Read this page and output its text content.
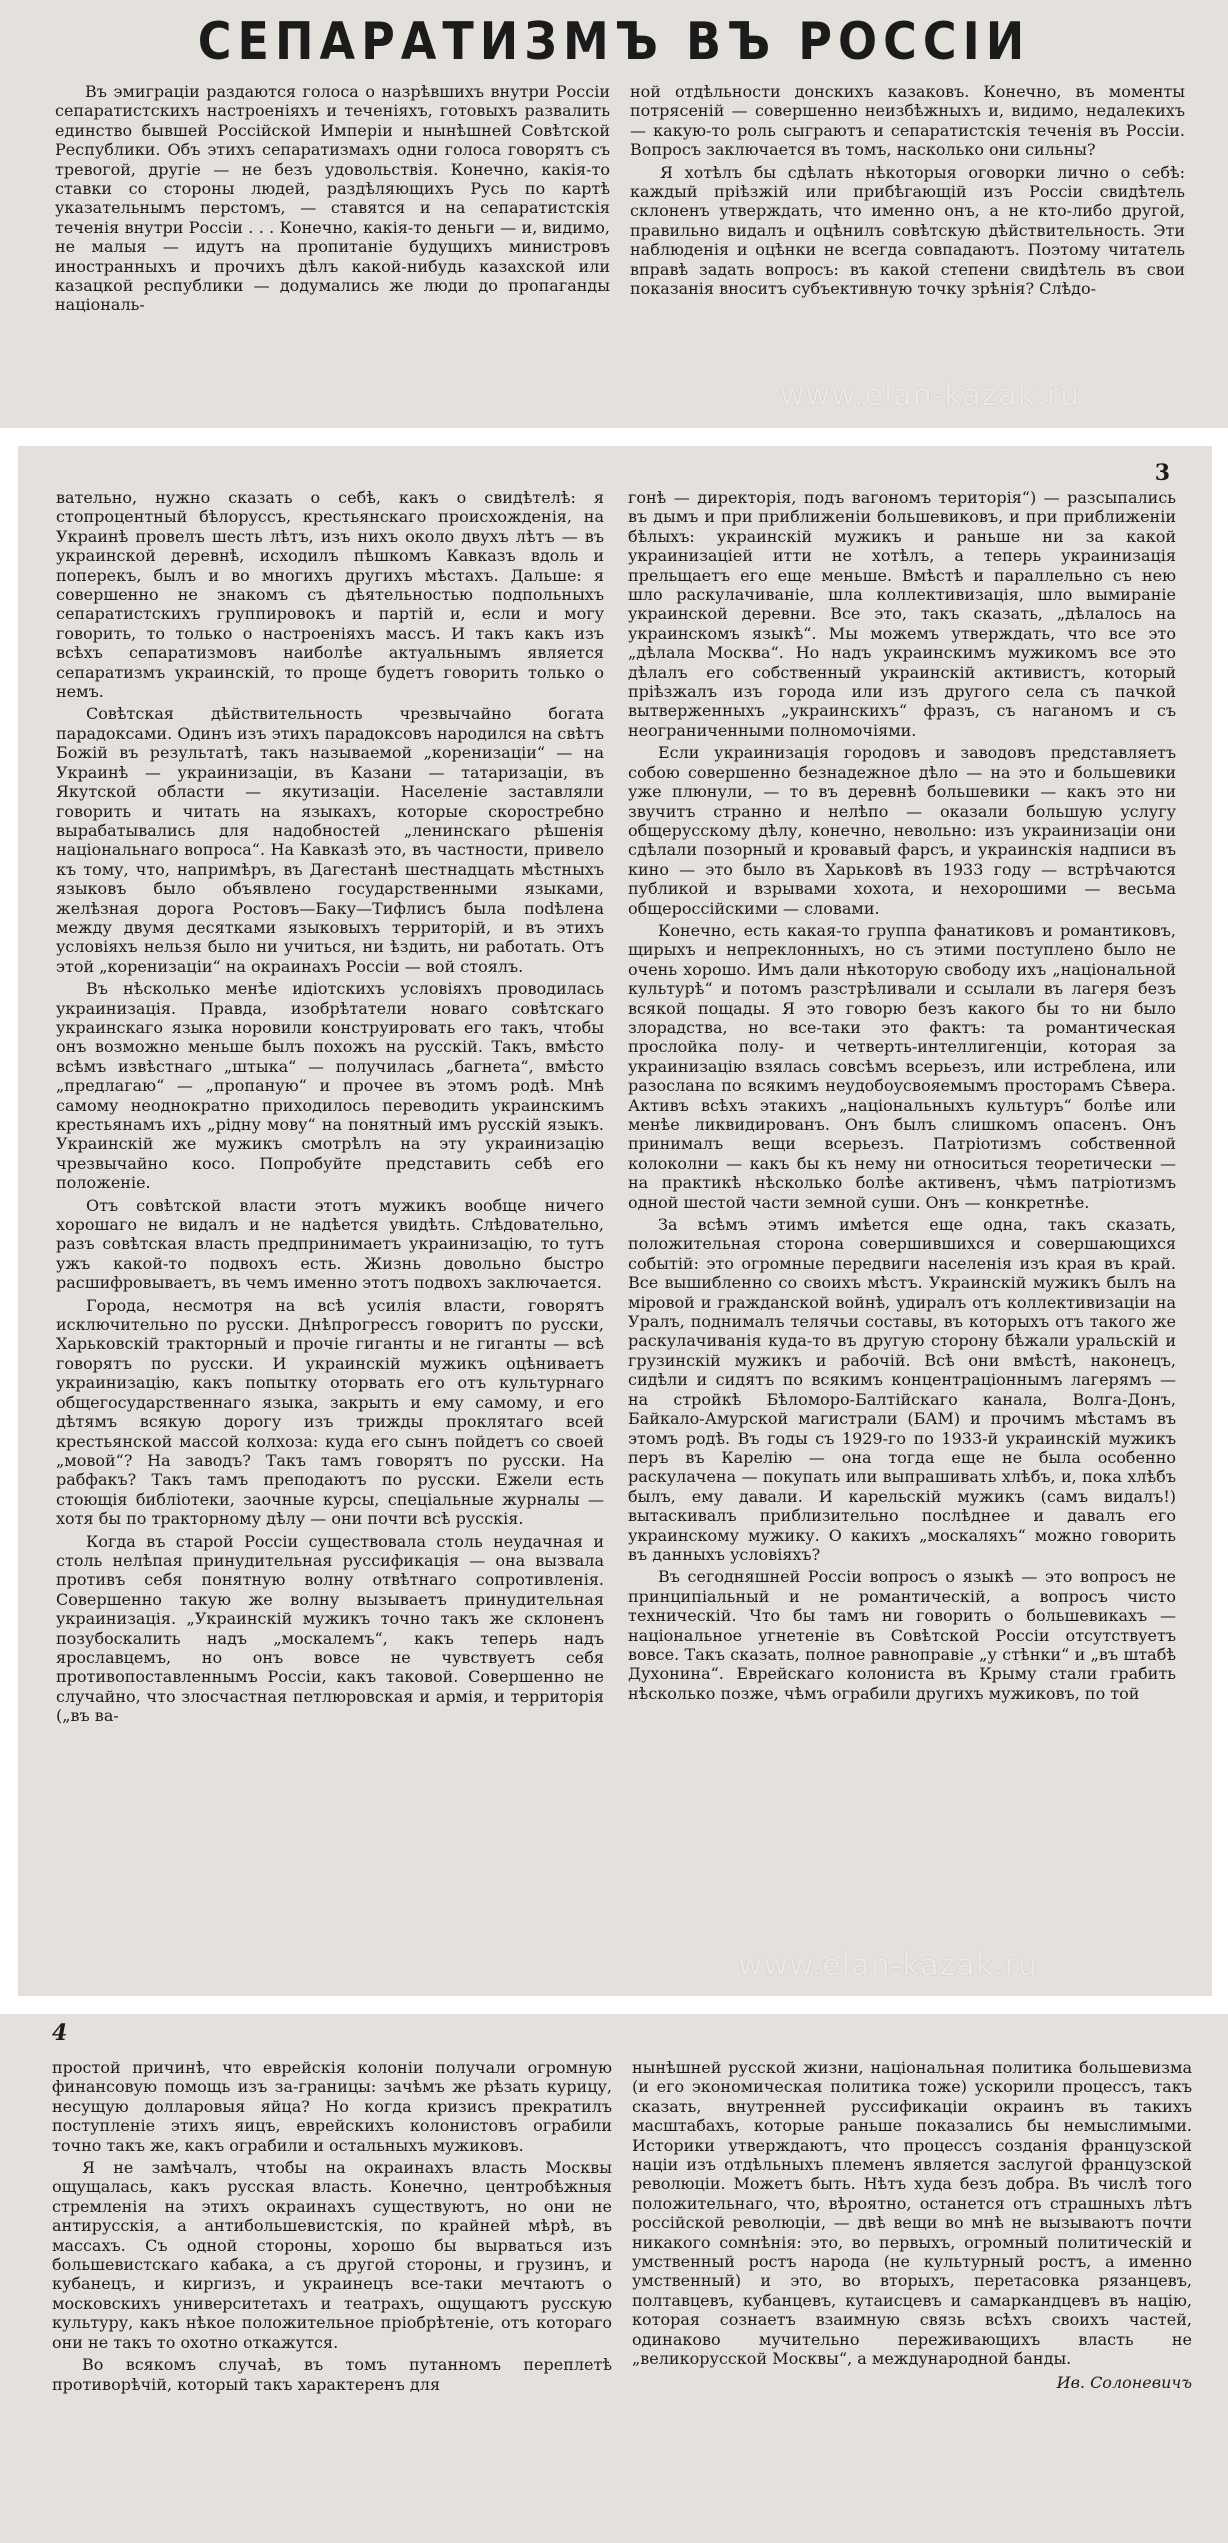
СЕПАРАТИЗМЪ ВЪ РОССІИ

Въ эмиграціи раздаются голоса о назрѣвшихъ внутри Россіи сепаратистскихъ настроеніяхъ и теченіяхъ, готовыхъ развалить единство бывшей Россійской Имперіи и нынѣшней Совѣтской Республики. Объ этихъ сепаратизмахъ одни голоса говорятъ съ тревогой, другіе — не безъ удовольствія. Конечно, какія-то ставки со стороны людей, раздѣляющихъ Русь по картѣ указательнымъ перстомъ, — ставятся и на сепаратистскія теченія внутри Россіи . . . Конечно, какія-то деньги — и, видимо, не малыя — идутъ на пропитаніе будущихъ министровъ иностранныхъ и прочихъ дѣлъ какой-нибудь казахской или казацкой республики — додумались же люди до пропаганды національ-

ной отдѣльности донскихъ казаковъ. Конечно, въ моменты потрясеній — совершенно неизбѣжныхъ и, видимо, недалекихъ — какую-то роль сыграютъ и сепаратистскія теченія въ Россіи. Вопросъ заключается въ томъ, насколько они сильны?

Я хотѣлъ бы сдѣлать нѣкоторыя оговорки лично о себѣ: каждый пріѣзжій или прибѣгающій изъ Россіи свидѣтель склоненъ утверждать, что именно онъ, а не кто-либо другой, правильно видалъ и оцѣнилъ совѣтскую дѣйствительность. Эти наблюденія и оцѣнки не всегда совпадаютъ. Поэтому читатель вправѣ задать вопросъ: въ какой степени свидѣтель въ свои показанія вноситъ субъективную точку зрѣнія? Слѣдо-

www.elan-kazak.ru
3

вательно, нужно сказать о себѣ, какъ о свидѣтелѣ: я стопроцентный бѣлоруссъ, крестьянскаго происхожденія, на Украинѣ провелъ шесть лѣтъ, изъ нихъ около двухъ лѣтъ — въ украинской деревнѣ, исходилъ пѣшкомъ Кавказъ вдоль и поперекъ, былъ и во многихъ другихъ мѣстахъ. Дальше: я совершенно не знакомъ съ дѣятельностью подпольныхъ сепаратистскихъ группировокъ и партій и, если и могу говорить, то только о настроеніяхъ массъ. И такъ какъ изъ всѣхъ сепаратизмовъ наиболѣе актуальнымъ является сепаратизмъ украинскій, то проще будетъ говорить только о немъ.

Совѣтская дѣйствительность чрезвычайно богата парадоксами. Одинъ изъ этихъ парадоксовъ народился на свѣтъ Божій въ результатѣ, такъ называемой „коренизаціи“ — на Украинѣ — украинизаціи, въ Казани — татаризаціи, въ Якутской области — якутизаціи. Населеніе заставляли говорить и читать на языкахъ, которые скоростребно вырабатывались для надобностей „ленинскаго рѣшенія національнаго вопроса“. На Кавказѣ это, въ частности, привело къ тому, что, напримѣръ, въ Дагестанѣ шестнадцать мѣстныхъ языковъ было объявлено государственными языками, желѣзная дорога Ростовъ—Баку—Тифлисъ была поdѣлена между двумя десятками языковыхъ территорій, и въ этихъ условіяхъ нельзя было ни учиться, ни ѣздить, ни работать. Отъ этой „коренизаціи“ на окраинахъ Россіи — вой стоялъ.

Въ нѣсколько менѣе идіотскихъ условіяхъ проводилась украинизація. Правда, изобрѣтатели новаго совѣтскаго украинскаго языка норовили конструировать его такъ, чтобы онъ возможно меньше былъ похожъ на русскій. Такъ, вмѣсто всѣмъ извѣстнаго „штыка“ — получилась „багнета“, вмѣсто „предлагаю“ — „пропаную“ и прочее въ этомъ родѣ. Мнѣ самому неоднократно приходилось переводить украинскимъ крестьянамъ ихъ „рідну мову“ на понятный имъ русскій языкъ. Украинскій же мужикъ смотрѣлъ на эту украинизацію чрезвычайно косо. Попробуйте представить себѣ его положеніе.

Отъ совѣтской власти этотъ мужикъ вообще ничего хорошаго не видалъ и не надѣется увидѣть. Слѣдовательно, разъ совѣтская власть предпринимаетъ украинизацію, то тутъ ужъ какой-то подвохъ есть. Жизнь довольно быстро расшифровываетъ, въ чемъ именно этотъ подвохъ заключается.

Города, несмотря на всѣ усилія власти, говорятъ исключительно по русски. Днѣпрогрессъ говоритъ по русски, Харьковскій тракторный и прочіе гиганты и не гиганты — всѣ говорятъ по русски. И украинскій мужикъ оцѣниваетъ украинизацію, какъ попытку оторвать его отъ культурнаго общегосударственнаго языка, закрыть и ему самому, и его дѣтямъ всякую дорогу изъ трижды проклятаго всей крестьянской массой колхоза: куда его сынъ пойдетъ со своей „мовой“? На заводъ? Такъ тамъ говорятъ по русски. На рабфакъ? Такъ тамъ преподаютъ по русски. Ежели есть стоющія библіотеки, заочные курсы, спеціальные журналы — хотя бы по тракторному дѣлу — они почти всѣ русскія.

Когда въ старой Россіи существовала столь неудачная и столь нелѣпая принудительная руссификація — она вызвала противъ себя понятную волну отвѣтнаго сопротивленія. Совершенно такую же волну вызываетъ принудительная украинизація. „Украинскій мужикъ точно такъ же склоненъ позубоскалить надъ „москалемъ“, какъ теперь надъ ярославцемъ, но онъ вовсе не чувствуетъ себя противопоставленнымъ Россіи, какъ таковой. Совершенно не случайно, что злосчастная петлюровская и армія, и территорія („въ ва-

гонѣ — директорія, подъ вагономъ територія“) — разсыпались въ дымъ и при приближеніи большевиковъ, и при приближеніи бѣлыхъ: украинскій мужикъ и раньше ни за какой украинизаціей итти не хотѣлъ, а теперь украинизація прельщаетъ его еще меньше. Вмѣстѣ и параллельно съ нею шло раскулачиваніе, шла коллективизація, шло вымираніе украинской деревни. Все это, такъ сказать, „дѣлалось на украинскомъ языкѣ“. Мы можемъ утверждать, что все это „дѣлала Москва“. Но надъ украинскимъ мужикомъ все это дѣлалъ его собственный украинскій активистъ, который пріѣзжалъ изъ города или изъ другого села съ пачкой вытверженныхъ „украинскихъ“ фразъ, съ наганомъ и съ неограниченными полномочіями.

Если украинизація городовъ и заводовъ представляетъ собою совершенно безнадежное дѣло — на это и большевики уже плюнули, — то въ деревнѣ большевики — какъ это ни звучитъ странно и нелѣпо — оказали большую услугу общерусскому дѣлу, конечно, невольно: изъ украинизаціи они сдѣлали позорный и кровавый фарсъ, и украинскія надписи въ кино — это было въ Харьковѣ въ 1933 году — встрѣчаются публикой и взрывами хохота, и нехорошими — весьма общероссійскими — словами.

Конечно, есть какая-то группа фанатиковъ и романтиковъ, щирыхъ и непреклонныхъ, но съ этими поступлено было не очень хорошо. Имъ дали нѣкоторую свободу ихъ „національной культурѣ“ и потомъ разстрѣливали и ссылали въ лагеря безъ всякой пощады. Я это говорю безъ какого бы то ни было злорадства, но все-таки это фактъ: та романтическая прослойка полу- и четверть-интеллигенціи, которая за украинизацію взялась совсѣмъ всерьезъ, или истреблена, или разослана по всякимъ неудобоусвояемымъ просторамъ Сѣвера. Активъ всѣхъ этакихъ „національныхъ культуръ“ болѣе или менѣе ликвидированъ. Онъ былъ слишкомъ опасенъ. Онъ принималъ вещи всерьезъ. Патріотизмъ собственной колоколни — какъ бы къ нему ни относиться теоретически — на практикѣ нѣсколько болѣе активенъ, чѣмъ патріотизмъ одной шестой части земной суши. Онъ — конкретнѣе.

За всѣмъ этимъ имѣется еще одна, такъ сказать, положительная сторона совершившихся и совершающихся событій: это огромные передвиги населенія изъ края въ край. Все вышибленно со своихъ мѣстъ. Украинскій мужикъ былъ на міровой и гражданской войнѣ, удиралъ отъ коллективизаціи на Уралъ, поднималъ телячьи составы, въ которыхъ отъ такого же раскулачиванія куда-то въ другую сторону бѣжали уральскій и грузинскій мужикъ и рабочій. Всѣ они вмѣстѣ, наконецъ, сидѣли и сидятъ по всякимъ концентраціоннымъ лагерямъ — на стройкѣ Бѣломоро-Балтійскаго канала, Волга-Донъ, Байкало-Амурской магистрали (БАМ) и прочимъ мѣстамъ въ этомъ родѣ. Въ годы съ 1929-го по 1933-й украинскій мужикъ перъ въ Карелію — она тогда еще не была особенно раскулачена — покупать или выпрашивать хлѣбъ, и, пока хлѣбъ былъ, ему давали. И карельскій мужикъ (самъ видалъ!) вытаскивалъ приблизительно послѣднее и давалъ его украинскому мужику. О какихъ „москаляхъ“ можно говорить въ данныхъ условіяхъ?

Въ сегодняшней Россіи вопросъ о языкѣ — это вопросъ не принципіальный и не романтическій, а вопросъ чисто техническій. Что бы тамъ ни говорить о большевикахъ — національное угнетеніе въ Совѣтской Россіи отсутствуетъ вовсе. Такъ сказать, полное равноправіе „у стѣнки“ и „въ штабѣ Духонина“. Еврейскаго колониста въ Крыму стали грабить нѣсколько позже, чѣмъ ограбили другихъ мужиковъ, по той

www.elan-kazak.ru
4

простой причинѣ, что еврейскія колоніи получали огромную финансовую помощь изъ за-границы: зачѣмъ же рѣзать курицу, несущую долларовыя яйца? Но когда кризисъ прекратилъ поступленіе этихъ яицъ, еврейскихъ колонистовъ ограбили точно такъ же, какъ ограбили и остальныхъ мужиковъ.

Я не замѣчалъ, чтобы на окраинахъ власть Москвы ощущалась, какъ русская власть. Конечно, центробѣжныя стремленія на этихъ окраинахъ существуютъ, но они не антирусскія, а антибольшевистскія, по крайней мѣрѣ, въ массахъ. Съ одной стороны, хорошо бы вырваться изъ большевистскаго кабака, а съ другой стороны, и грузинъ, и кубанецъ, и киргизъ, и украинецъ все-таки мечтаютъ о московскихъ университетахъ и театрахъ, ощущаютъ русскую культуру, какъ нѣкое положительное пріобрѣтеніе, отъ котораго они не такъ то охотно откажутся.

Во всякомъ случаѣ, въ томъ путанномъ переплетѣ противорѣчій, который такъ характеренъ для

нынѣшней русской жизни, національная политика большевизма (и его экономическая политика тоже) ускорили процессъ, такъ сказать, внутренней руссификаціи окраинъ въ такихъ масштабахъ, которые раньше показались бы немыслимыми. Историки утверждаютъ, что процессъ созданія французской націи изъ отдѣльныхъ племенъ является заслугой французской революціи. Можетъ быть. Нѣтъ худа безъ добра. Въ числѣ того положительнаго, что, вѣроятно, останется отъ страшныхъ лѣтъ россійской революціи, — двѣ вещи во мнѣ не вызываютъ почти никакого сомнѣнія: это, во первыхъ, огромный политическій и умственный ростъ народа (не культурный ростъ, а именно умственный) и это, во вторыхъ, перетасовка рязанцевъ, полтавцевъ, кубанцевъ, кутаисцевъ и самаркандцевъ въ націю, которая сознаетъ взаимную связь всѣхъ своихъ частей, одинаково мучительно переживающихъ власть не „великорусской Москвы“, а международной банды.

Ив. Солоневичъ
